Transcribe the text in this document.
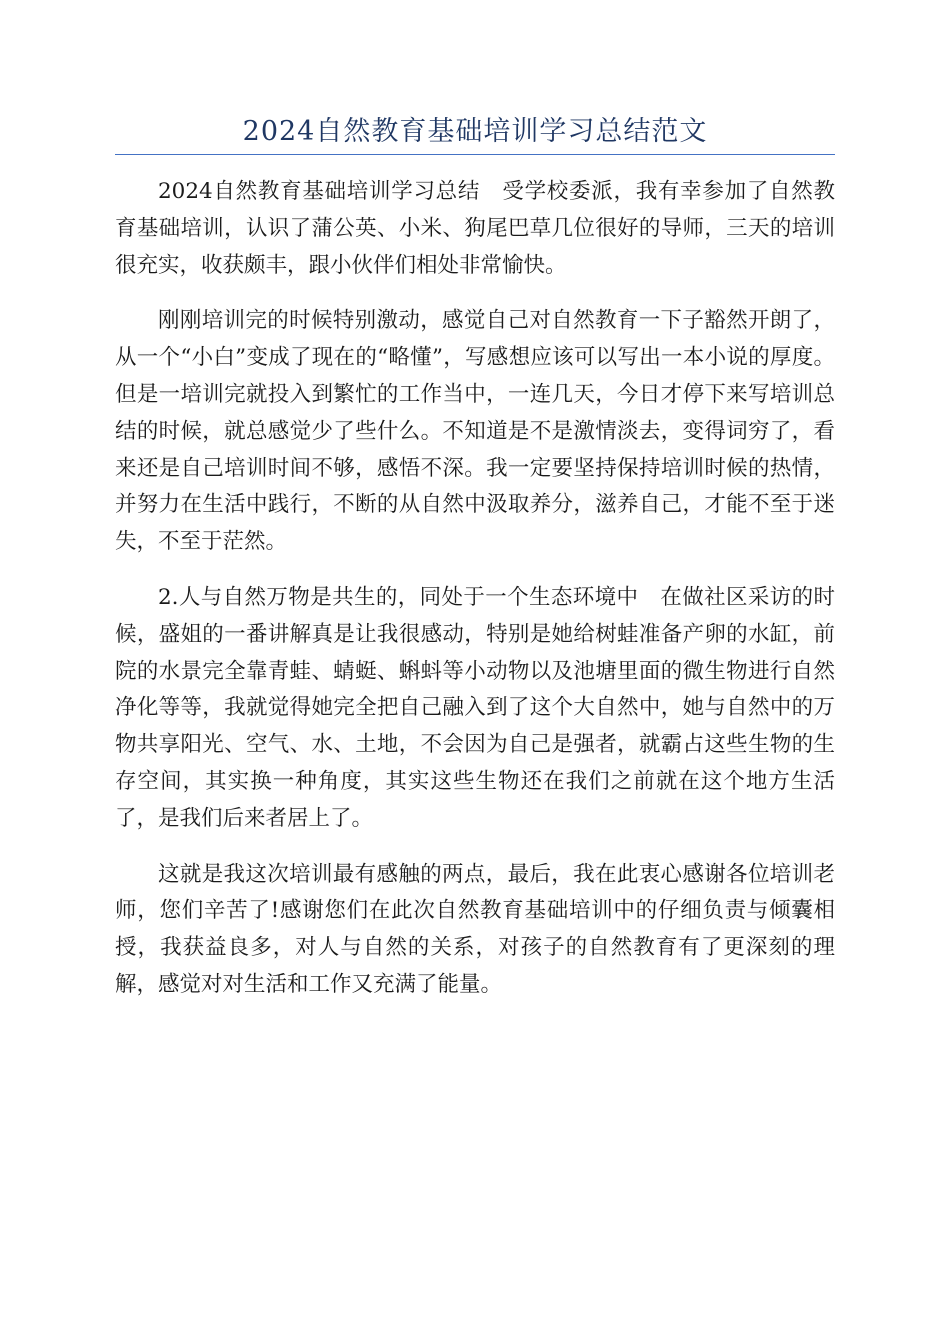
2024自然教育基础培训学习总结范文

2024自然教育基础培训学习总结　受学校委派，我有幸参加了自然教育基础培训，认识了蒲公英、小米、狗尾巴草几位很好的导师，三天的培训很充实，收获颇丰，跟小伙伴们相处非常愉快。

刚刚培训完的时候特别激动，感觉自己对自然教育一下子豁然开朗了，从一个“小白”变成了现在的“略懂”，写感想应该可以写出一本小说的厚度。但是一培训完就投入到繁忙的工作当中，一连几天，今日才停下来写培训总结的时候，就总感觉少了些什么。不知道是不是激情淡去，变得词穷了，看来还是自己培训时间不够，感悟不深。我一定要坚持保持培训时候的热情，并努力在生活中践行，不断的从自然中汲取养分，滋养自己，才能不至于迷失，不至于茫然。

2.人与自然万物是共生的，同处于一个生态环境中　在做社区采访的时候，盛姐的一番讲解真是让我很感动，特别是她给树蛙准备产卵的水缸，前院的水景完全靠青蛙、蜻蜓、蝌蚪等小动物以及池塘里面的微生物进行自然净化等等，我就觉得她完全把自己融入到了这个大自然中，她与自然中的万物共享阳光、空气、水、土地，不会因为自己是强者，就霸占这些生物的生存空间，其实换一种角度，其实这些生物还在我们之前就在这个地方生活了，是我们后来者居上了。

这就是我这次培训最有感触的两点，最后，我在此衷心感谢各位培训老师，您们辛苦了!感谢您们在此次自然教育基础培训中的仔细负责与倾囊相授，我获益良多，对人与自然的关系，对孩子的自然教育有了更深刻的理解，感觉对对生活和工作又充满了能量。
